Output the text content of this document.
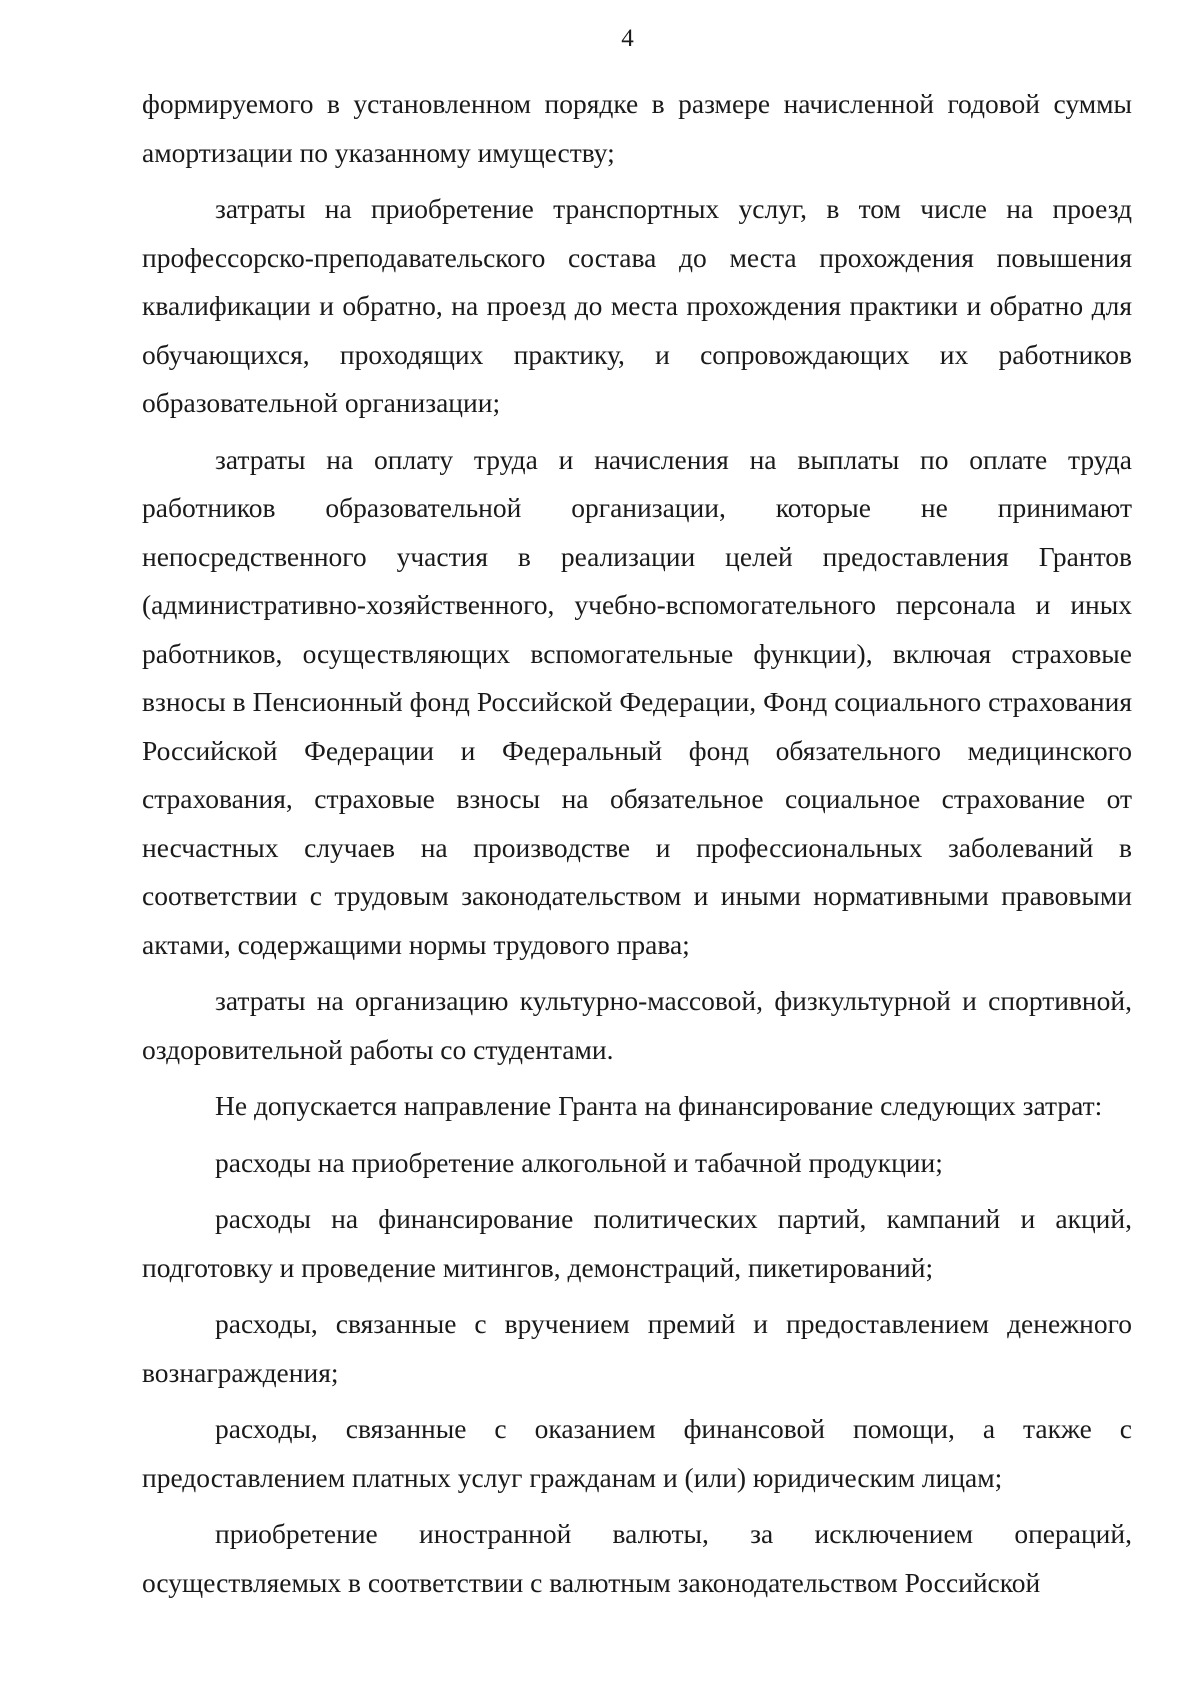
4

формируемого в установленном порядке в размере начисленной годовой суммы амортизации по указанному имуществу;

затраты на приобретение транспортных услуг, в том числе на проезд профессорско-преподавательского состава до места прохождения повышения квалификации и обратно, на проезд до места прохождения практики и обратно для обучающихся, проходящих практику, и сопровождающих их работников образовательной организации;

затраты на оплату труда и начисления на выплаты по оплате труда работников образовательной организации, которые не принимают непосредственного участия в реализации целей предоставления Грантов (административно-хозяйственного, учебно-вспомогательного персонала и иных работников, осуществляющих вспомогательные функции), включая страховые взносы в Пенсионный фонд Российской Федерации, Фонд социального страхования Российской Федерации и Федеральный фонд обязательного медицинского страхования, страховые взносы на обязательное социальное страхование от несчастных случаев на производстве и профессиональных заболеваний в соответствии с трудовым законодательством и иными нормативными правовыми актами, содержащими нормы трудового права;

затраты на организацию культурно-массовой, физкультурной и спортивной, оздоровительной работы со студентами.

Не допускается направление Гранта на финансирование следующих затрат:

расходы на приобретение алкогольной и табачной продукции;

расходы на финансирование политических партий, кампаний и акций, подготовку и проведение митингов, демонстраций, пикетирований;

расходы, связанные с вручением премий и предоставлением денежного вознаграждения;

расходы, связанные с оказанием финансовой помощи, а также с предоставлением платных услуг гражданам и (или) юридическим лицам;

приобретение иностранной валюты, за исключением операций, осуществляемых в соответствии с валютным законодательством Российской
